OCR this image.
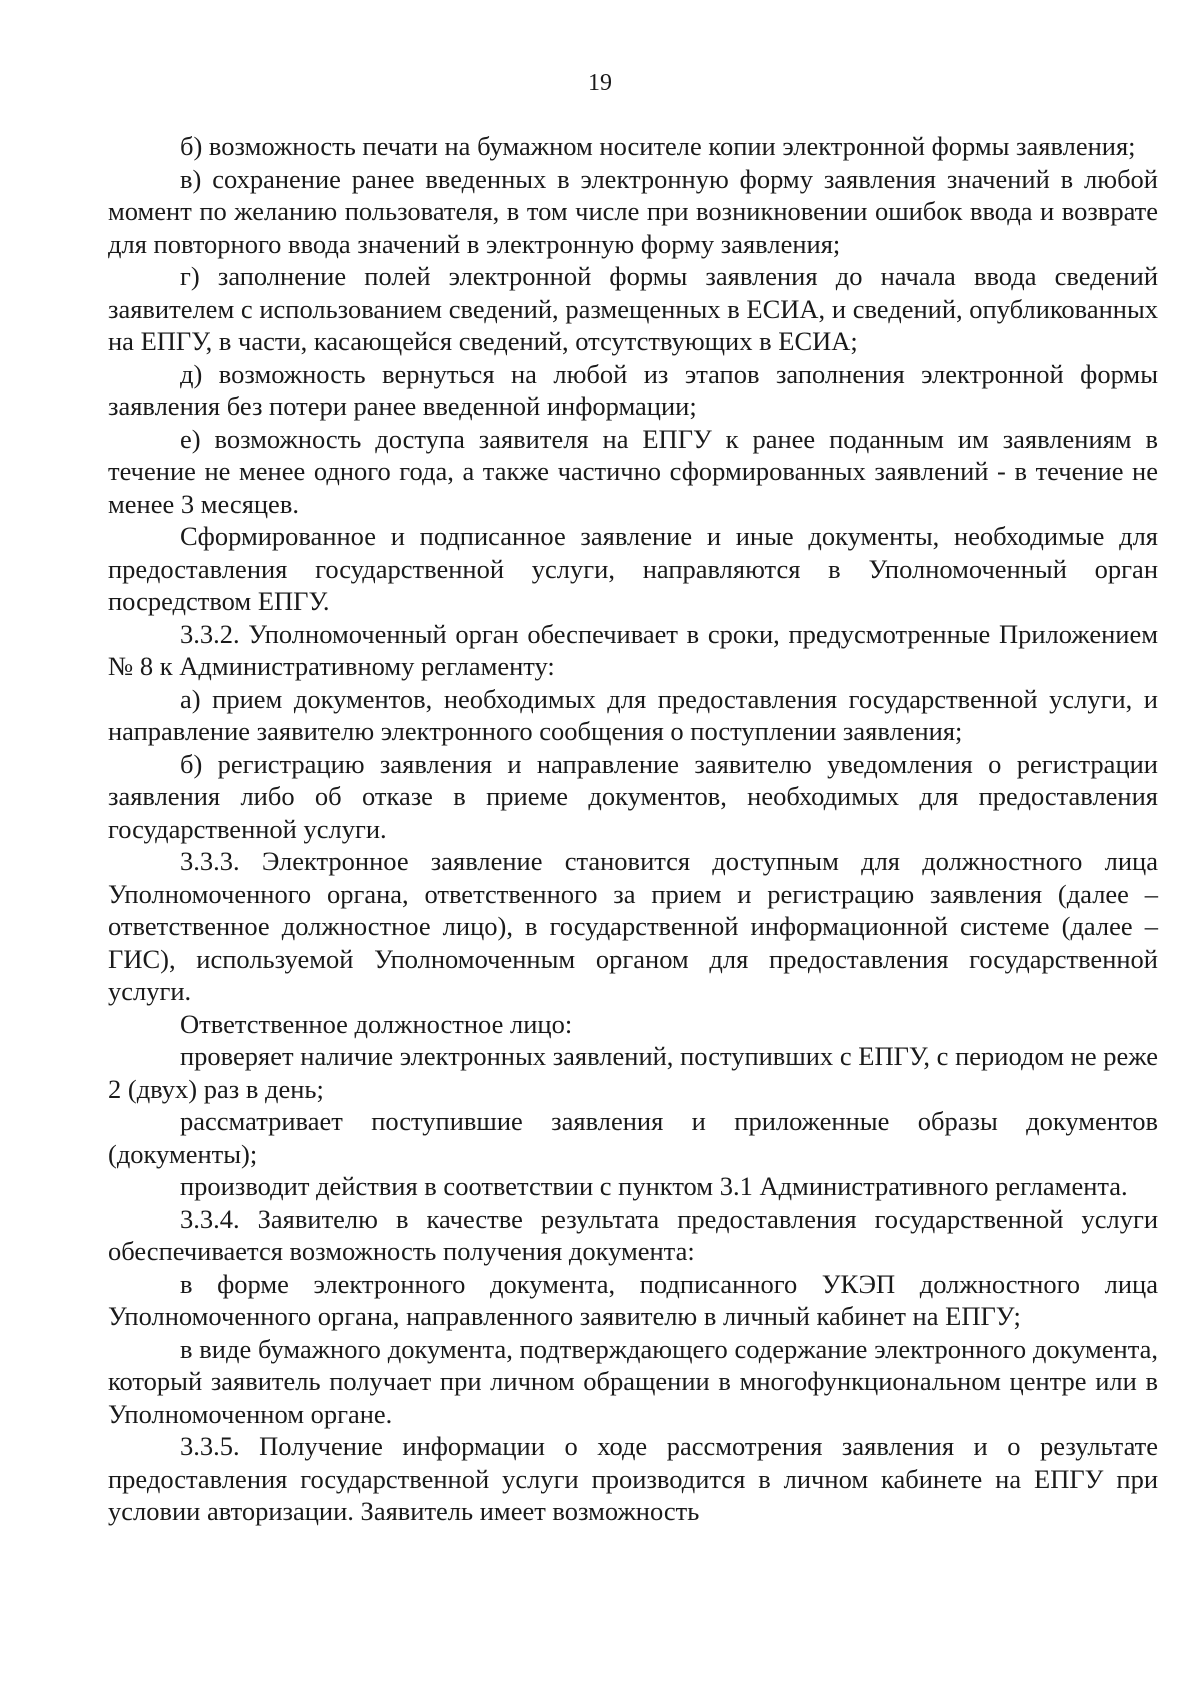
19

б) возможность печати на бумажном носителе копии электронной формы заявления;

в) сохранение ранее введенных в электронную форму заявления значений в любой момент по желанию пользователя, в том числе при возникновении ошибок ввода и возврате для повторного ввода значений в электронную форму заявления;

г) заполнение полей электронной формы заявления до начала ввода сведений заявителем с использованием сведений, размещенных в ЕСИА, и сведений, опубликованных на ЕПГУ, в части, касающейся сведений, отсутствующих в ЕСИА;

д) возможность вернуться на любой из этапов заполнения электронной формы заявления без потери ранее введенной информации;

е) возможность доступа заявителя на ЕПГУ к ранее поданным им заявлениям в течение не менее одного года, а также частично сформированных заявлений - в течение не менее 3 месяцев.

Сформированное и подписанное заявление и иные документы, необходимые для предоставления государственной услуги, направляются в Уполномоченный орган посредством ЕПГУ.

3.3.2. Уполномоченный орган обеспечивает в сроки, предусмотренные Приложением № 8 к Административному регламенту:

а) прием документов, необходимых для предоставления государственной услуги, и направление заявителю электронного сообщения о поступлении заявления;

б) регистрацию заявления и направление заявителю уведомления о регистрации заявления либо об отказе в приеме документов, необходимых для предоставления государственной услуги.

3.3.3. Электронное заявление становится доступным для должностного лица Уполномоченного органа, ответственного за прием и регистрацию заявления (далее – ответственное должностное лицо), в государственной информационной системе (далее – ГИС), используемой Уполномоченным органом для предоставления государственной услуги.

Ответственное должностное лицо:

проверяет наличие электронных заявлений, поступивших с ЕПГУ, с периодом не реже 2 (двух) раз в день;

рассматривает поступившие заявления и приложенные образы документов (документы);

производит действия в соответствии с пунктом 3.1 Административного регламента.

3.3.4. Заявителю в качестве результата предоставления государственной услуги обеспечивается возможность получения документа:

в форме электронного документа, подписанного УКЭП должностного лица Уполномоченного органа, направленного заявителю в личный кабинет на ЕПГУ;

в виде бумажного документа, подтверждающего содержание электронного документа, который заявитель получает при личном обращении в многофункциональном центре или в Уполномоченном органе.

3.3.5. Получение информации о ходе рассмотрения заявления и о результате предоставления государственной услуги производится в личном кабинете на ЕПГУ при условии авторизации. Заявитель имеет возможность
